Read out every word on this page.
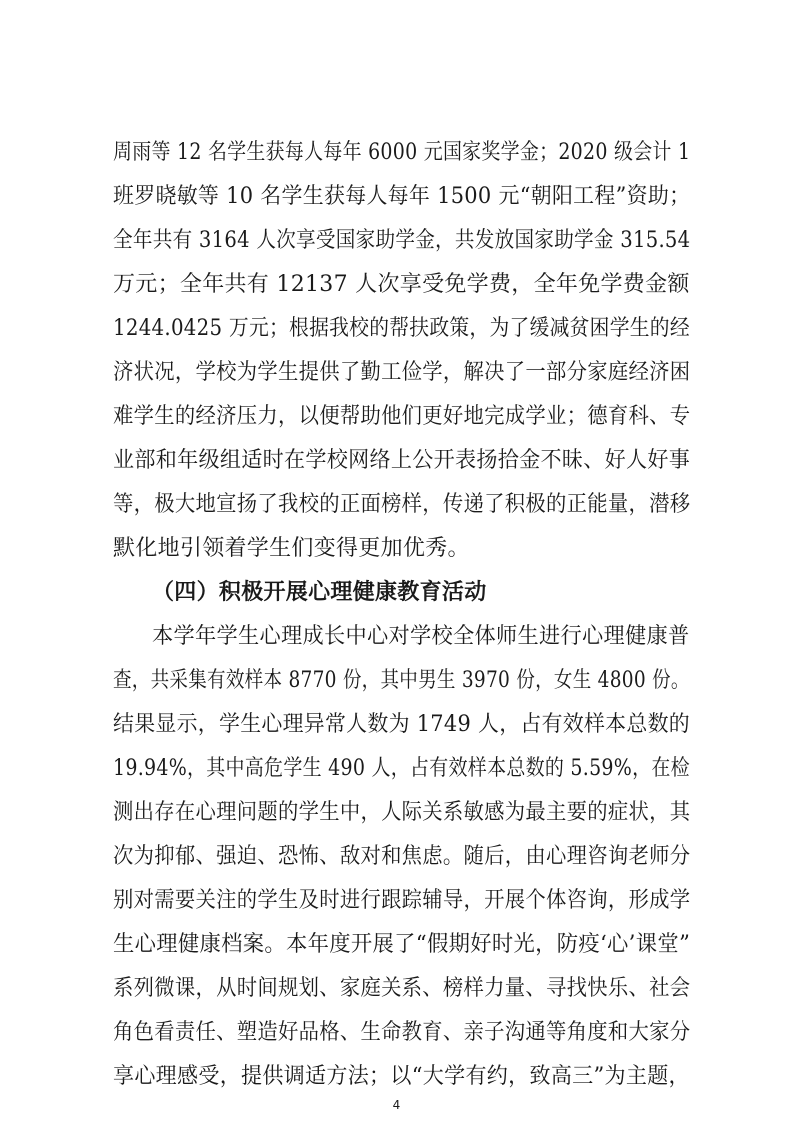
周雨等 12 名学生获每人每年 6000 元国家奖学金；2020 级会计 1
班罗晓敏等 10 名学生获每人每年 1500 元“朝阳工程”资助；
全年共有 3164 人次享受国家助学金，共发放国家助学金 315.54
万元；全年共有 12137 人次享受免学费，全年免学费金额
1244.0425 万元；根据我校的帮扶政策，为了缓减贫困学生的经
济状况，学校为学生提供了勤工俭学，解决了一部分家庭经济困
难学生的经济压力，以便帮助他们更好地完成学业；德育科、专
业部和年级组适时在学校网络上公开表扬拾金不昧、好人好事
等，极大地宣扬了我校的正面榜样，传递了积极的正能量，潜移
默化地引领着学生们变得更加优秀。
（四）积极开展心理健康教育活动
本学年学生心理成长中心对学校全体师生进行心理健康普
查，共采集有效样本 8770 份，其中男生 3970 份，女生 4800 份。
结果显示，学生心理异常人数为 1749 人，占有效样本总数的
19.94%，其中高危学生 490 人，占有效样本总数的 5.59%，在检
测出存在心理问题的学生中，人际关系敏感为最主要的症状，其
次为抑郁、强迫、恐怖、敌对和焦虑。随后，由心理咨询老师分
别对需要关注的学生及时进行跟踪辅导，开展个体咨询，形成学
生心理健康档案。本年度开展了“假期好时光，防疫‘心’课堂”
系列微课，从时间规划、家庭关系、榜样力量、寻找快乐、社会
角色看责任、塑造好品格、生命教育、亲子沟通等角度和大家分
享心理感受，提供调适方法；以“大学有约，致高三”为主题，
4
